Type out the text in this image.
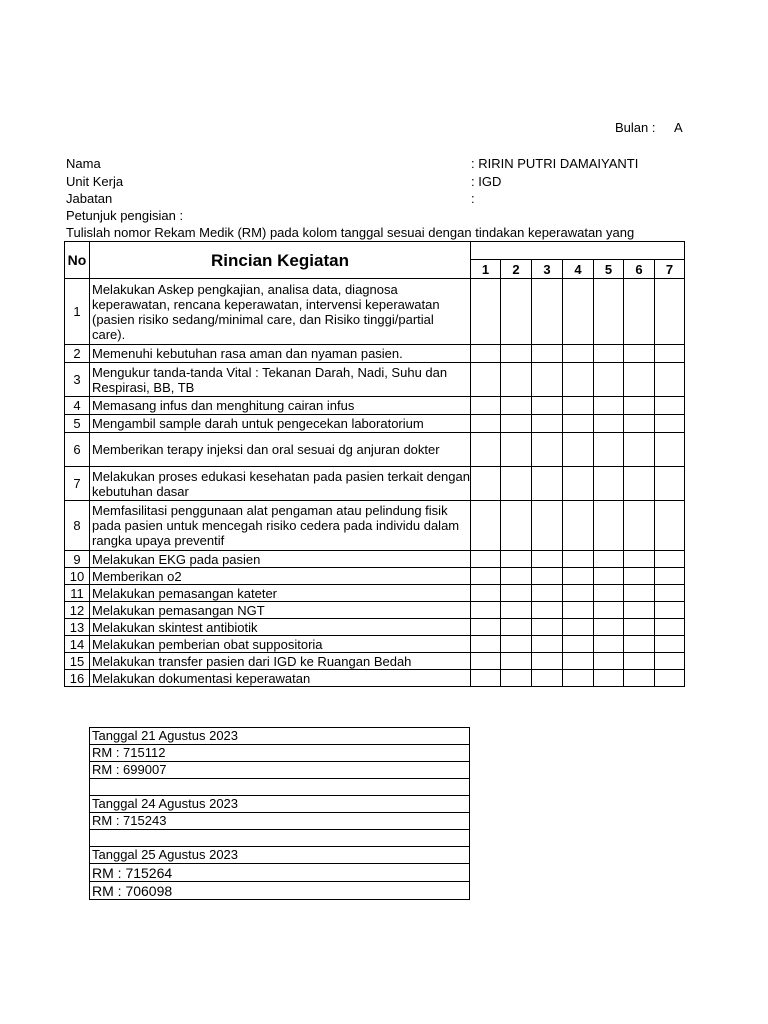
Bulan : A
Nama	: RIRIN PUTRI DAMAIYANTI
Unit Kerja	: IGD
Jabatan	:
Petunjuk pengisian :
Tulislah nomor Rekam Medik (RM) pada kolom tanggal sesuai dengan tindakan keperawatan yang
No	Rincian Kegiatan							
		1	2	3	4	5	6	7
1	Melakukan Askep pengkajian, analisa data, diagnosa keperawatan, rencana keperawatan, intervensi keperawatan (pasien risiko sedang/minimal care, dan Risiko tinggi/partial care).							
2	Memenuhi kebutuhan rasa aman dan nyaman pasien.							
3	Mengukur tanda-tanda Vital : Tekanan Darah, Nadi, Suhu dan Respirasi, BB, TB							
4	Memasang infus dan menghitung cairan infus							
5	Mengambil sample darah untuk pengecekan laboratorium							
6	Memberikan terapy injeksi dan oral sesuai dg anjuran dokter							
7	Melakukan proses edukasi kesehatan pada pasien terkait dengan kebutuhan dasar							
8	Memfasilitasi penggunaan alat pengaman atau pelindung fisik pada pasien untuk mencegah risiko cedera pada individu dalam rangka upaya preventif							
9	Melakukan EKG pada pasien							
10	Memberikan o2							
11	Melakukan pemasangan kateter							
12	Melakukan pemasangan NGT							
13	Melakukan skintest antibiotik							
14	Melakukan pemberian obat suppositoria							
15	Melakukan transfer pasien dari IGD ke Ruangan Bedah							
16	Melakukan dokumentasi keperawatan							
Tanggal 21 Agustus 2023
RM : 715112
RM : 699007

Tanggal 24 Agustus 2023
RM : 715243

Tanggal 25 Agustus 2023
RM : 715264
RM : 706098
